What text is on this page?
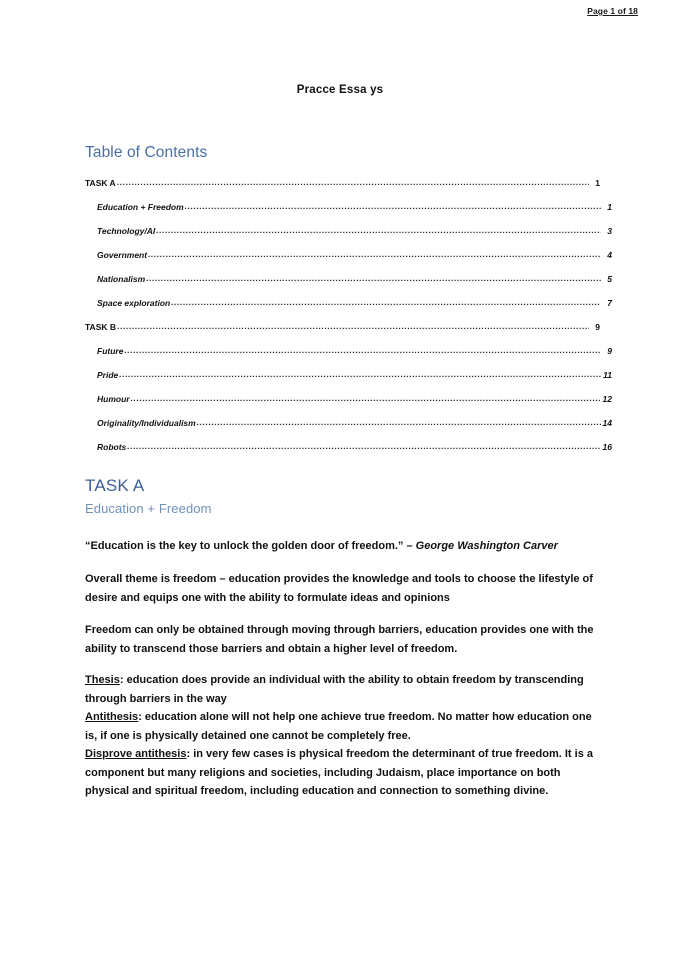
Page 1 of 18
Pracce Essa ys
Table of Contents
TASK A .....	1
Education + Freedom .....	1
Technology/AI .....	3
Government .....	4
Nationalism .....	5
Space exploration .....	7
TASK B .....	9
Future .....	9
Pride .....	11
Humour .....	12
Originality/Individualism .....	14
Robots .....	16
TASK A
Education + Freedom
“Education is the key to unlock the golden door of freedom.” – George Washington Carver
Overall theme is freedom – education provides the knowledge and tools to choose the lifestyle of desire and equips one with the ability to formulate ideas and opinions
Freedom can only be obtained through moving through barriers, education provides one with the ability to transcend those barriers and obtain a higher level of freedom.
Thesis: education does provide an individual with the ability to obtain freedom by transcending through barriers in the way
Antithesis: education alone will not help one achieve true freedom. No matter how education one is, if one is physically detained one cannot be completely free.
Disprove antithesis: in very few cases is physical freedom the determinant of true freedom. It is a component but many religions and societies, including Judaism, place importance on both physical and spiritual freedom, including education and connection to something divine.
